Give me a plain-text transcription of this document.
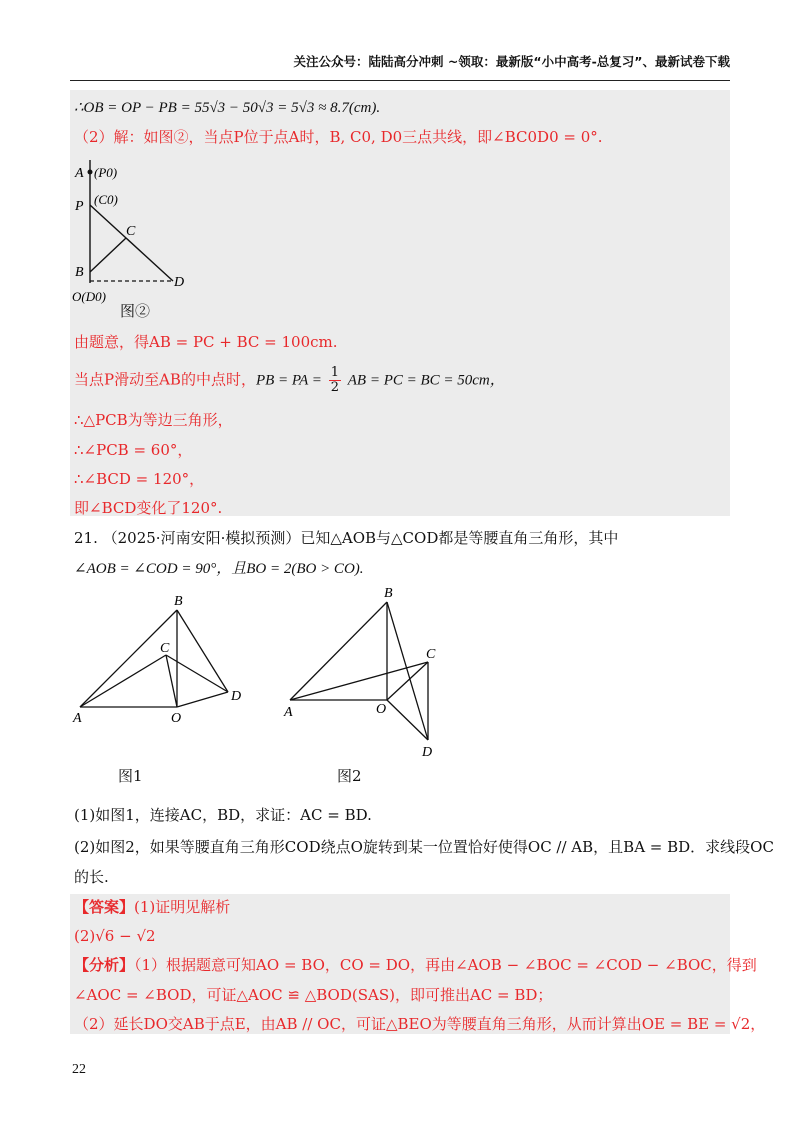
关注公众号：陆陆高分冲刺 ~领取：最新版“小中高考-总复习”、最新试卷下载
∴OB = OP − PB = 55√3 − 50√3 = 5√3 ≈ 8.7(cm).
（2）解：如图②，当点P位于点A时，B, C0, D0三点共线，即∠BC0D0 = 0°.
A (P0)
P (C0)
C
B
D
O(D0)
图②
由题意，得AB = PC + BC = 100cm.
当点P滑动至AB的中点时，PB = PA = $\frac{1}{2}$ AB = PC = BC = 50cm，
∴△PCB为等边三角形，
∴∠PCB = 60°，
∴∠BCD = 120°，
即∠BCD变化了120°.
21. （2025·河南安阳·模拟预测）已知△AOB与△COD都是等腰直角三角形，其中
∠AOB = ∠COD = 90°，且BO = 2(BO > CO).
B
C
D
A	O
图1
B
C
A	O
D
图2
(1)如图1，连接AC，BD，求证：AC = BD.
(2)如图2，如果等腰直角三角形COD绕点O旋转到某一位置恰好使得OC // AB，且BA = BD．求线段OC
的长.
【答案】(1)证明见解析
(2)√6 − √2
【分析】（1）根据题意可知AO = BO，CO = DO，再由∠AOB − ∠BOC = ∠COD − ∠BOC，得到
∠AOC = ∠BOD，可证△AOC ≌ △BOD(SAS)，即可推出AC = BD；
（2）延长DO交AB于点E，由AB // OC，可证△BEO为等腰直角三角形，从而计算出OE = BE = √2，
22
